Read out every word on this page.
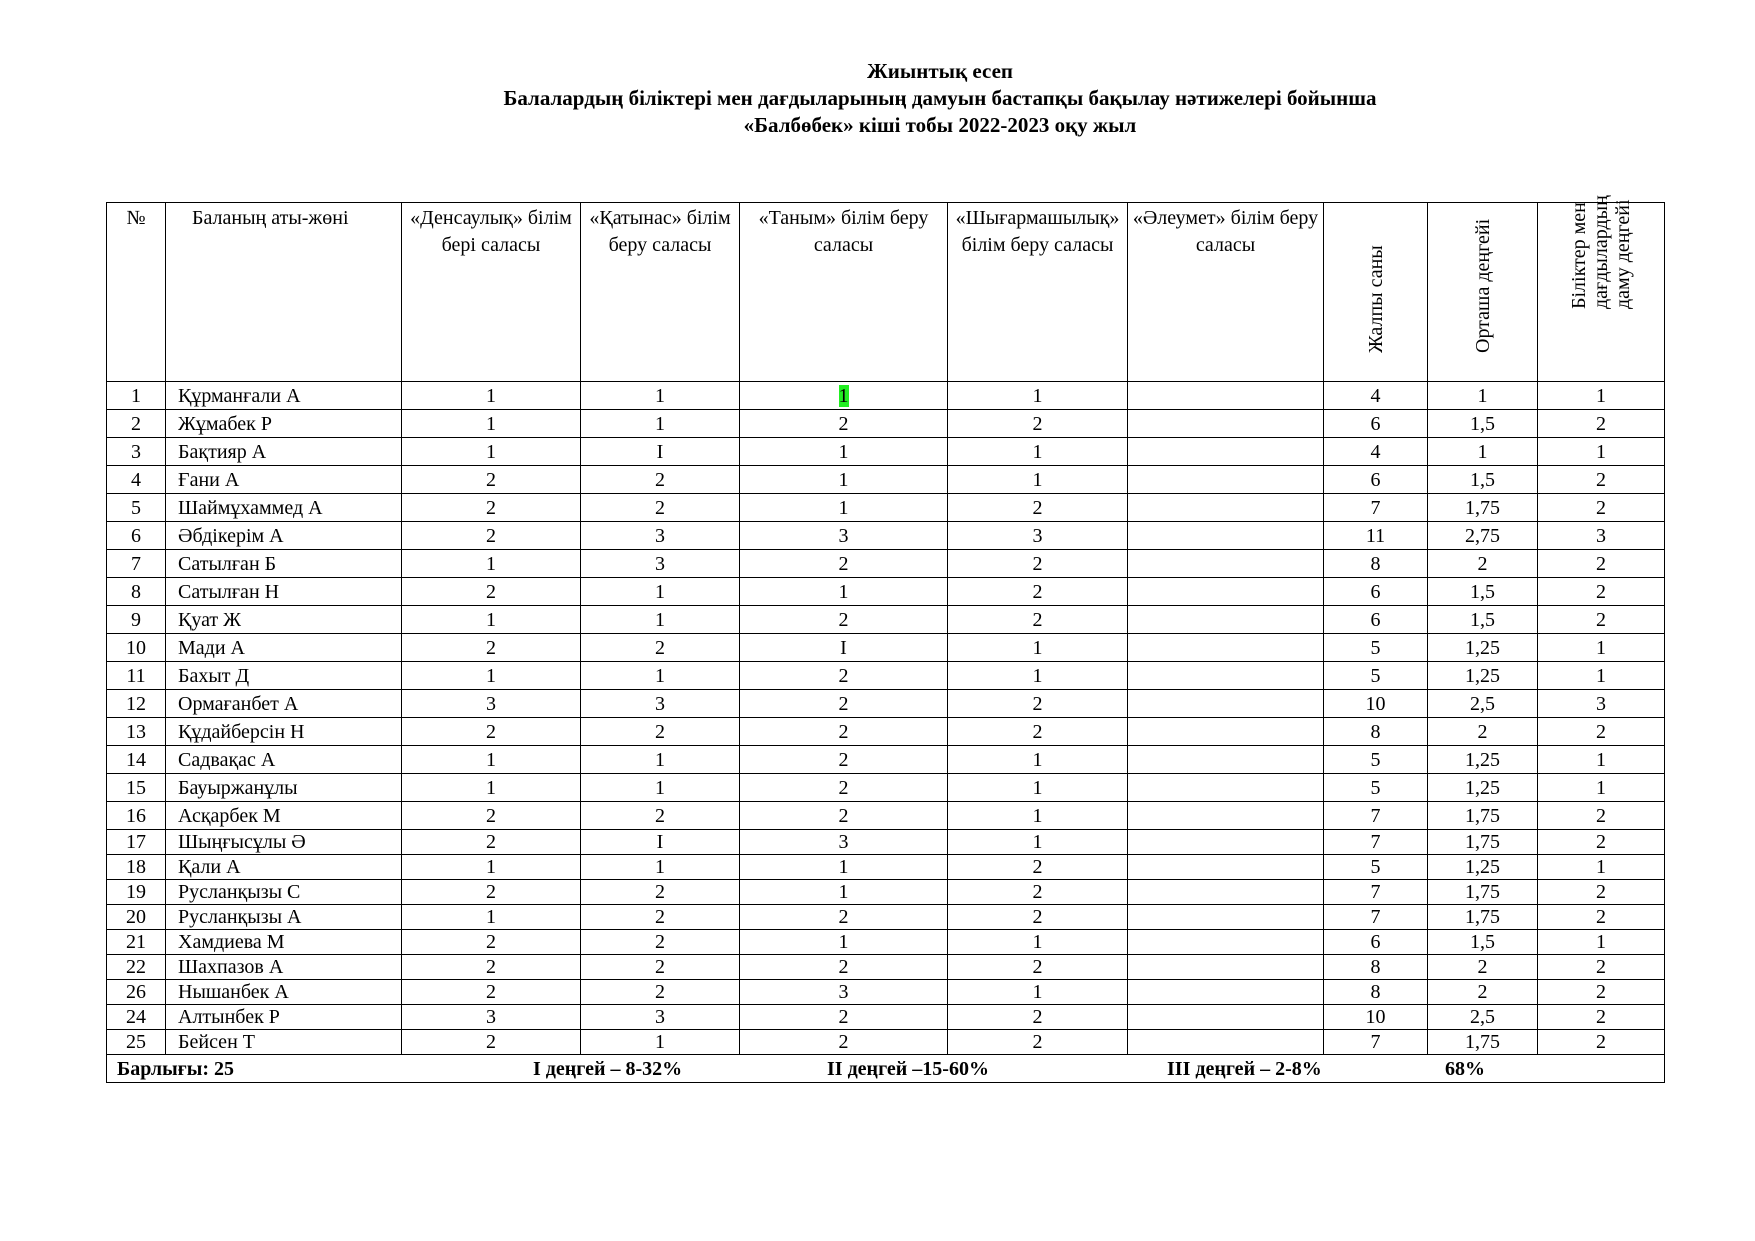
Жиынтық есеп
Балалардың біліктері мен дағдыларының дамуын бастапқы бақылау нәтижелері бойынша
«Балбөбек» кіші тобы 2022-2023 оқу жыл
№	Баланың аты-жөні	«Денсаулық» білім бері саласы	«Қатынас» білім беру саласы	«Таным» білім беру саласы	«Шығармашылық» білім беру саласы	«Әлеумет» білім беру саласы	Жалпы саны	Орташа деңгейі	Біліктер мен дағдылардың даму деңгейі

1	Құрманғали А	1	1	1	1		4	1	1
2	Жұмабек Р	1	1	2	2		6	1,5	2
3	Бақтияр А	1	I	1	1		4	1	1
4	Ғани А	2	2	1	1		6	1,5	2
5	Шаймұхаммед А	2	2	1	2		7	1,75	2
6	Әбдікерім А	2	3	3	3		11	2,75	3
7	Сатылған Б	1	3	2	2		8	2	2
8	Сатылған Н	2	1	1	2		6	1,5	2
9	Қуат Ж	1	1	2	2		6	1,5	2
10	Мади А	2	2	I	1		5	1,25	1
11	Бахыт Д	1	1	2	1		5	1,25	1
12	Ормағанбет А	3	3	2	2		10	2,5	3
13	Құдайберсін Н	2	2	2	2		8	2	2
14	Садвақас А	1	1	2	1		5	1,25	1
15	Бауыржанұлы	1	1	2	1		5	1,25	1
16	Асқарбек М	2	2	2	1		7	1,75	2
17	Шыңғысұлы Ә	2	I	3	1		7	1,75	2
18	Қали А	1	1	1	2		5	1,25	1
19	Русланқызы С	2	2	1	2		7	1,75	2
20	Русланқызы А	1	2	2	2		7	1,75	2
21	Хамдиева М	2	2	1	1		6	1,5	1
22	Шахпазов А	2	2	2	2		8	2	2
26	Нышанбек А	2	2	3	1		8	2	2
24	Алтынбек Р	3	3	2	2		10	2,5	2
25	Бейсен Т	2	1	2	2		7	1,75	2

Барлығы: 25 I деңгей – 8-32% II деңгей –15-60% III деңгей – 2-8% 68%									
